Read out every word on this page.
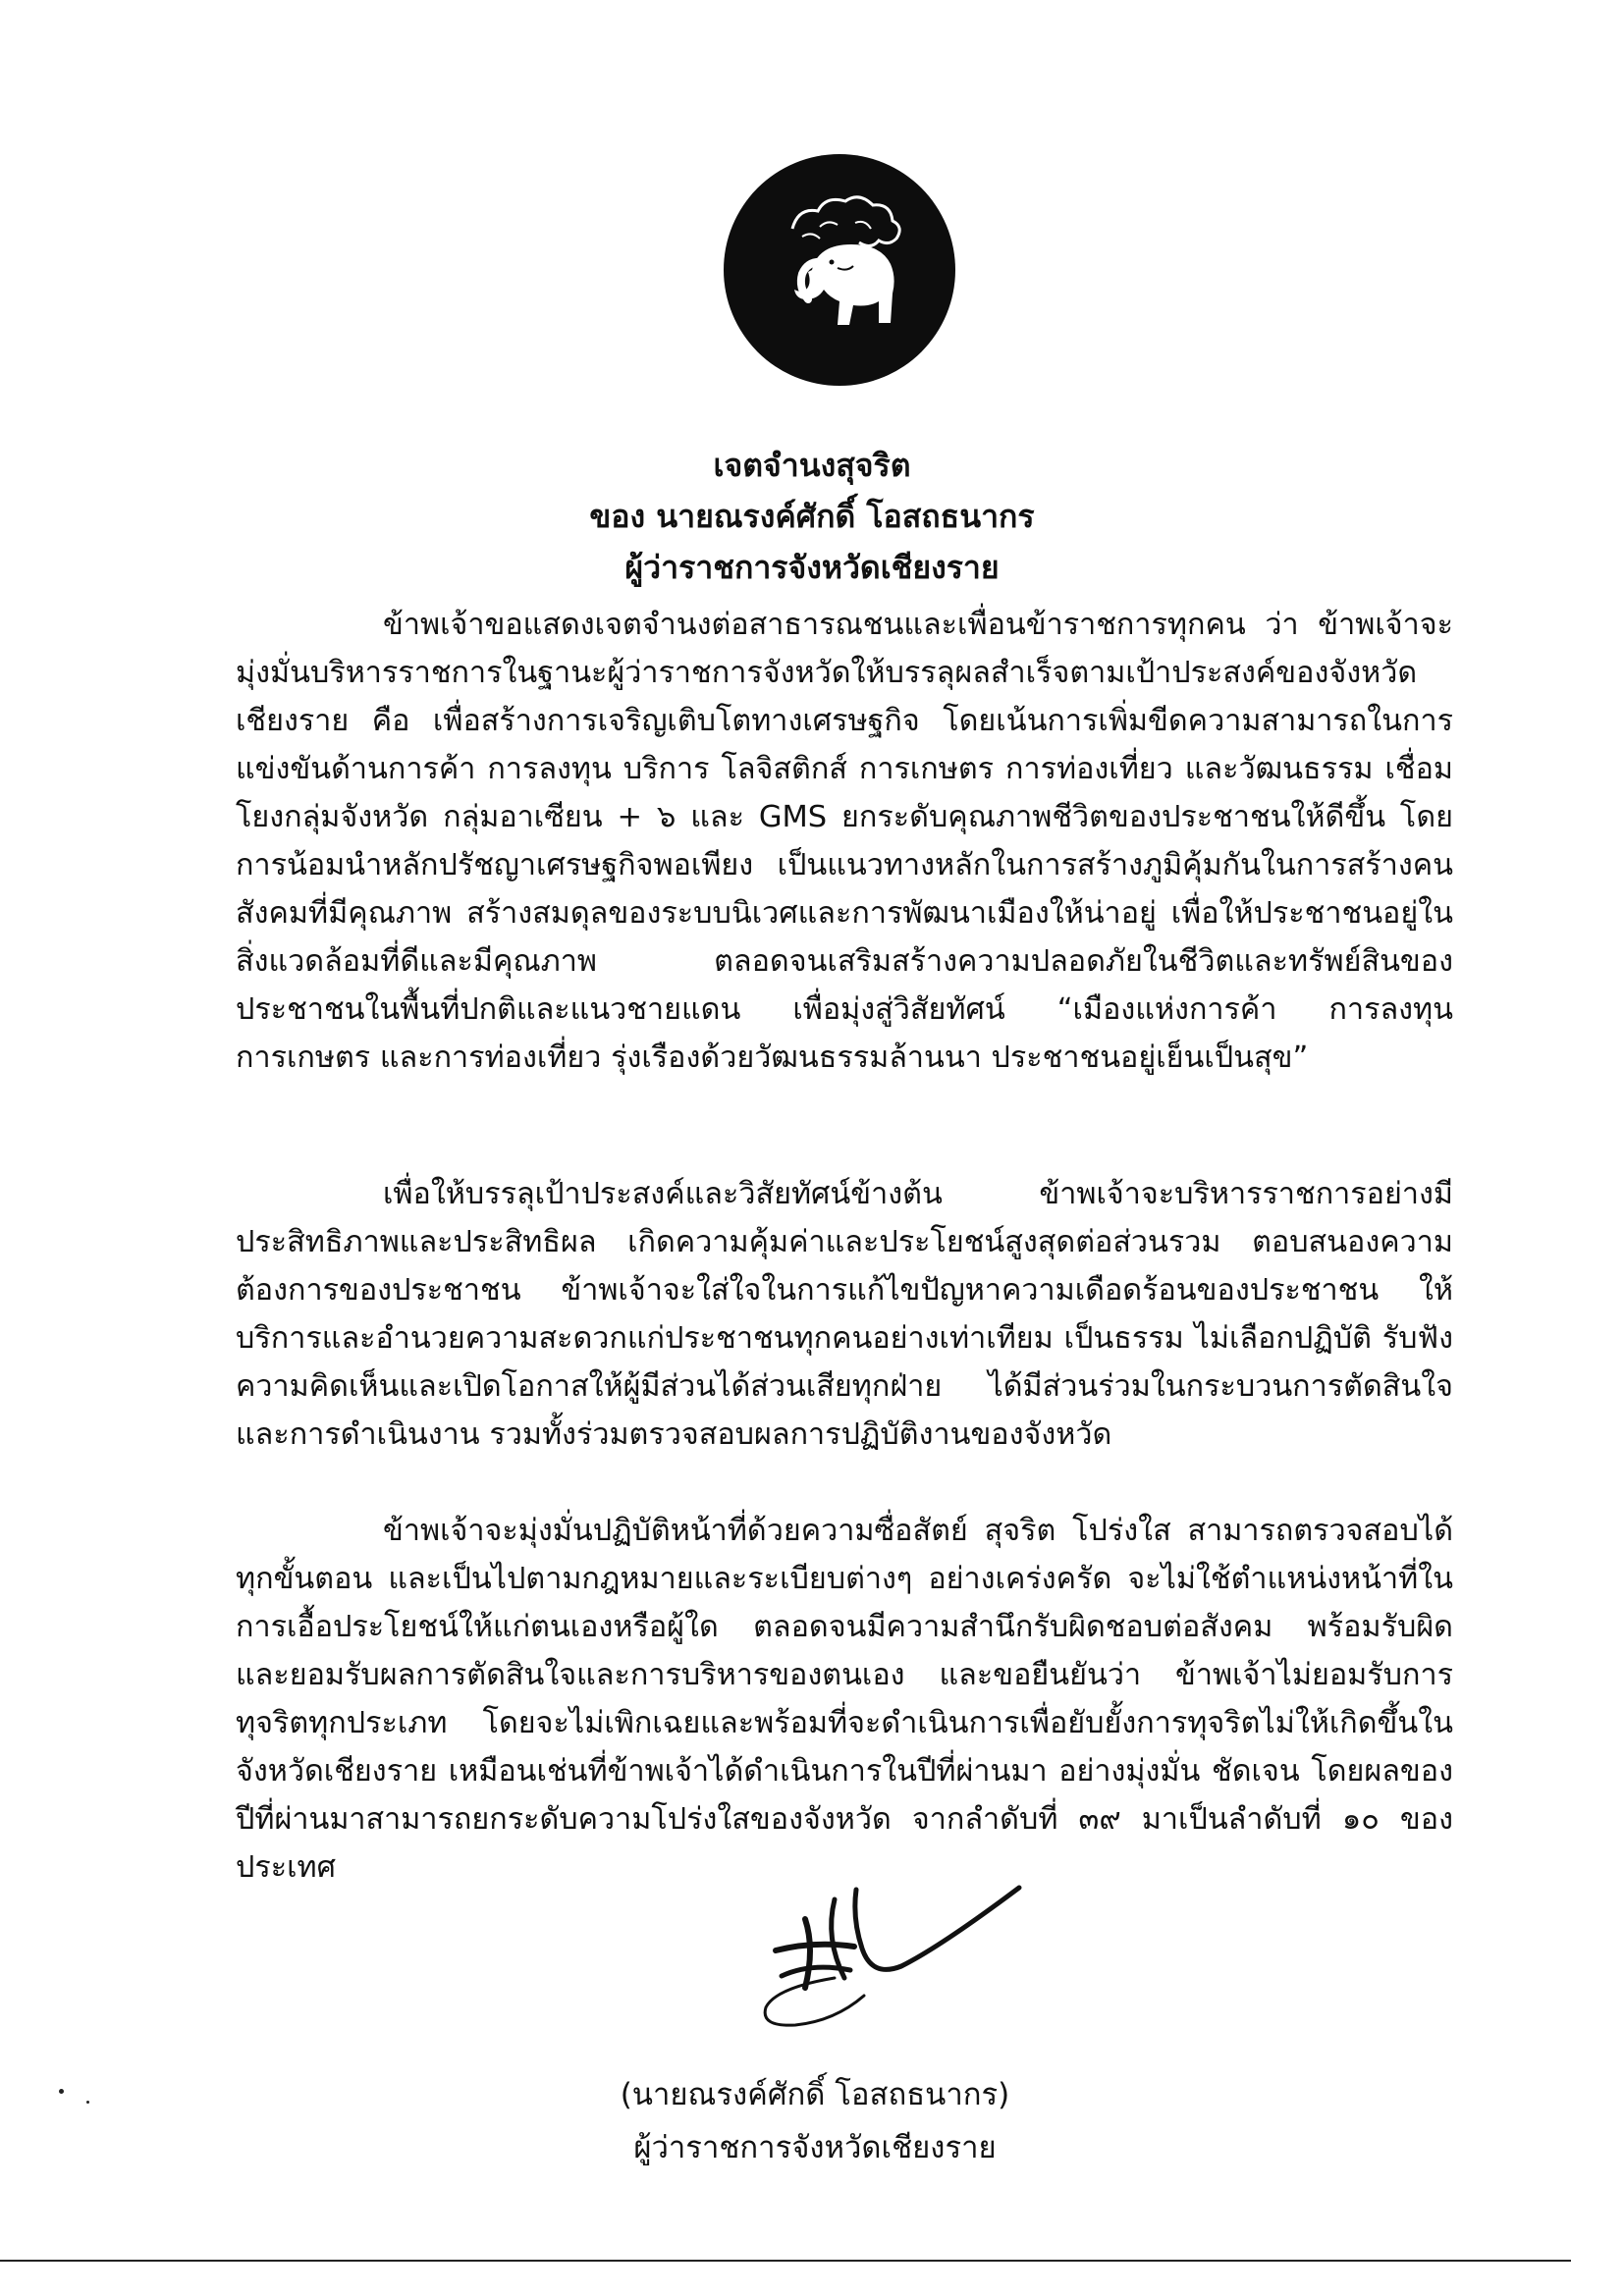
เจตจำนงสุจริต
ของ นายณรงค์ศักดิ์ โอสถธนากร
ผู้ว่าราชการจังหวัดเชียงราย

ข้าพเจ้าขอแสดงเจตจำนงต่อสาธารณชนและเพื่อนข้าราชการทุกคน ว่า ข้าพเจ้าจะมุ่งมั่นบริหารราชการในฐานะผู้ว่าราชการจังหวัดให้บรรลุผลสำเร็จตามเป้าประสงค์ของจังหวัดเชียงราย คือ เพื่อสร้างการเจริญเติบโตทางเศรษฐกิจ โดยเน้นการเพิ่มขีดความสามารถในการแข่งขันด้านการค้า การลงทุน บริการ โลจิสติกส์ การเกษตร การท่องเที่ยว และวัฒนธรรม เชื่อมโยงกลุ่มจังหวัด กลุ่มอาเซียน + ๖ และ GMS ยกระดับคุณภาพชีวิตของประชาชนให้ดีขึ้น โดยการน้อมนำหลักปรัชญาเศรษฐกิจพอเพียง เป็นแนวทางหลักในการสร้างภูมิคุ้มกันในการสร้างคน สังคมที่มีคุณภาพ สร้างสมดุลของระบบนิเวศและการพัฒนาเมืองให้น่าอยู่ เพื่อให้ประชาชนอยู่ในสิ่งแวดล้อมที่ดีและมีคุณภาพ ตลอดจนเสริมสร้างความปลอดภัยในชีวิตและทรัพย์สินของประชาชนในพื้นที่ปกติและแนวชายแดน เพื่อมุ่งสู่วิสัยทัศน์ “เมืองแห่งการค้า การลงทุน การเกษตร และการท่องเที่ยว รุ่งเรืองด้วยวัฒนธรรมล้านนา ประชาชนอยู่เย็นเป็นสุข”

เพื่อให้บรรลุเป้าประสงค์และวิสัยทัศน์ข้างต้น ข้าพเจ้าจะบริหารราชการอย่างมีประสิทธิภาพและประสิทธิผล เกิดความคุ้มค่าและประโยชน์สูงสุดต่อส่วนรวม ตอบสนองความต้องการของประชาชน ข้าพเจ้าจะใส่ใจในการแก้ไขปัญหาความเดือดร้อนของประชาชน ให้บริการและอำนวยความสะดวกแก่ประชาชนทุกคนอย่างเท่าเทียม เป็นธรรม ไม่เลือกปฏิบัติ รับฟังความคิดเห็นและเปิดโอกาสให้ผู้มีส่วนได้ส่วนเสียทุกฝ่าย ได้มีส่วนร่วมในกระบวนการตัดสินใจและการดำเนินงาน รวมทั้งร่วมตรวจสอบผลการปฏิบัติงานของจังหวัด

ข้าพเจ้าจะมุ่งมั่นปฏิบัติหน้าที่ด้วยความซื่อสัตย์ สุจริต โปร่งใส สามารถตรวจสอบได้ทุกขั้นตอน และเป็นไปตามกฎหมายและระเบียบต่างๆ อย่างเคร่งครัด จะไม่ใช้ตำแหน่งหน้าที่ในการเอื้อประโยชน์ให้แก่ตนเองหรือผู้ใด ตลอดจนมีความสำนึกรับผิดชอบต่อสังคม พร้อมรับผิดและยอมรับผลการตัดสินใจและการบริหารของตนเอง และขอยืนยันว่า ข้าพเจ้าไม่ยอมรับการทุจริตทุกประเภท โดยจะไม่เพิกเฉยและพร้อมที่จะดำเนินการเพื่อยับยั้งการทุจริตไม่ให้เกิดขึ้นในจังหวัดเชียงราย เหมือนเช่นที่ข้าพเจ้าได้ดำเนินการในปีที่ผ่านมา อย่างมุ่งมั่น ชัดเจน โดยผลของปีที่ผ่านมาสามารถยกระดับความโปร่งใสของจังหวัด จากลำดับที่ ๓๙ มาเป็นลำดับที่ ๑๐ ของประเทศ

(นายณรงค์ศักดิ์ โอสถธนากร)
ผู้ว่าราชการจังหวัดเชียงราย
